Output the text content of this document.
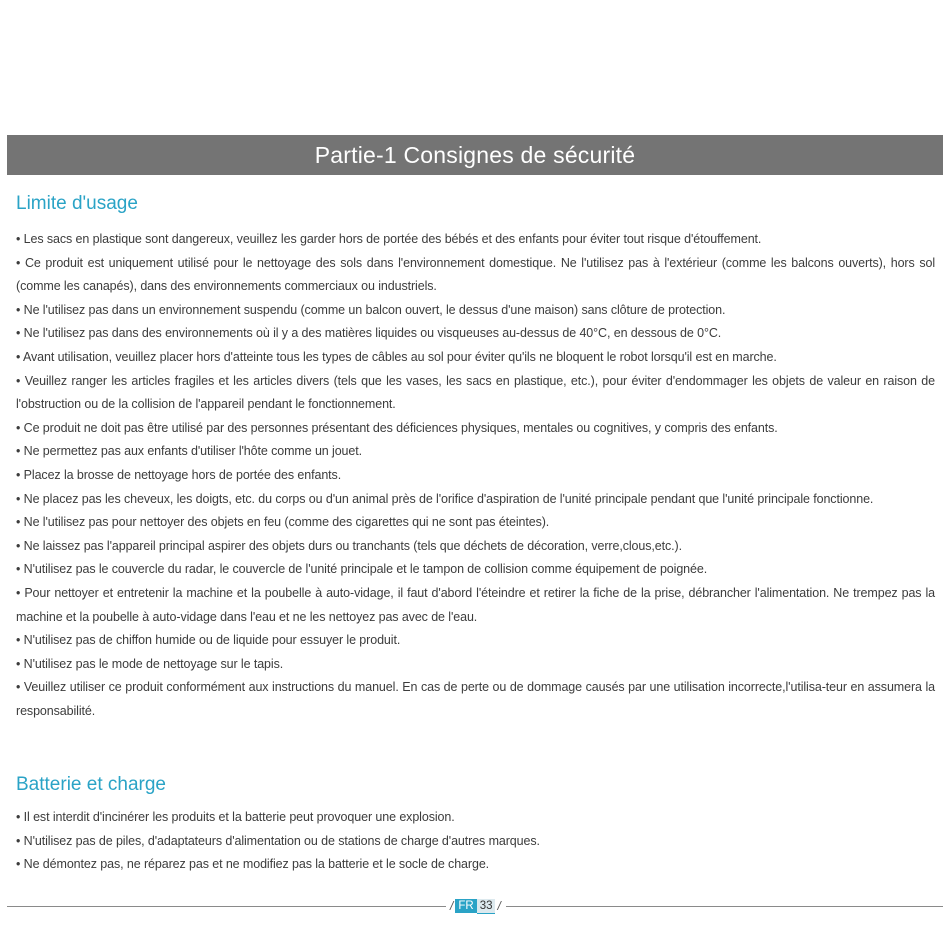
Partie-1 Consignes de sécurité
Limite d'usage
• Les sacs en plastique sont dangereux, veuillez les garder hors de portée des bébés et des enfants pour éviter tout risque d'étouffement.
• Ce produit est uniquement utilisé pour le nettoyage des sols dans l'environnement domestique. Ne l'utilisez pas à l'extérieur (comme les balcons ouverts), hors sol (comme les canapés), dans des environnements commerciaux ou industriels.
• Ne l'utilisez pas dans un environnement suspendu (comme un balcon ouvert, le dessus d'une maison) sans clôture de protection.
• Ne l'utilisez pas dans des environnements où il y a des matières liquides ou visqueuses au-dessus de 40°C, en dessous de 0°C.
• Avant utilisation, veuillez placer hors d'atteinte tous les types de câbles au sol pour éviter qu'ils ne bloquent le robot lorsqu'il est en marche.
• Veuillez ranger les articles fragiles et les articles divers (tels que les vases, les sacs en plastique, etc.), pour éviter d'endommager les objets de valeur en raison de l'obstruction ou de la collision de l'appareil pendant le fonctionnement.
• Ce produit ne doit pas être utilisé par des personnes présentant des déficiences physiques, mentales ou cognitives, y compris des enfants.
• Ne permettez pas aux enfants d'utiliser l'hôte comme un jouet.
• Placez la brosse de nettoyage hors de portée des enfants.
• Ne placez pas les cheveux, les doigts, etc. du corps ou d'un animal près de l'orifice d'aspiration de l'unité principale pendant que l'unité principale fonctionne.
• Ne l'utilisez pas pour nettoyer des objets en feu (comme des cigarettes qui ne sont pas éteintes).
• Ne laissez pas l'appareil principal aspirer des objets durs ou tranchants (tels que déchets de décoration, verre,clous,etc.).
• N'utilisez pas le couvercle du radar, le couvercle de l'unité principale et le tampon de collision comme équipement de poignée.
• Pour nettoyer et entretenir la machine et la poubelle à auto-vidage, il faut d'abord l'éteindre et retirer la fiche de la prise, débrancher l'alimentation. Ne trempez pas la machine et la poubelle à auto-vidage dans l'eau et ne les nettoyez pas avec de l'eau.
• N'utilisez pas de chiffon humide ou de liquide pour essuyer le produit.
• N'utilisez pas le mode de nettoyage sur le tapis.
• Veuillez utiliser ce produit conformément aux instructions du manuel. En cas de perte ou de dommage causés par une utilisation incorrecte,l'utilisa-teur en assumera la responsabilité.
Batterie et charge
• Il est interdit d'incinérer les produits et la batterie peut provoquer une explosion.
• N'utilisez pas de piles, d'adaptateurs d'alimentation ou de stations de charge d'autres marques.
• Ne démontez pas, ne réparez pas et ne modifiez pas la batterie et le socle de charge.
/ FR 33 /
